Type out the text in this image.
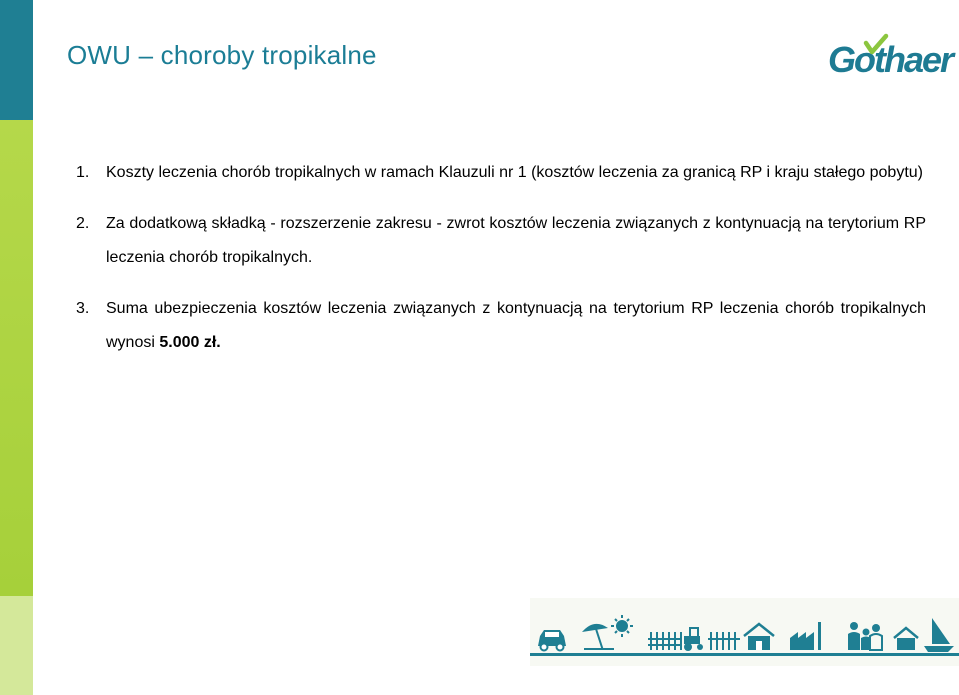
OWU – choroby tropikalne	Gothaer
1. Koszty leczenia chorób tropikalnych w ramach Klauzuli nr 1 (kosztów leczenia za granicą RP i kraju stałego pobytu)
2. Za dodatkową składką - rozszerzenie zakresu - zwrot kosztów leczenia związanych z kontynuacją na terytorium RP leczenia chorób tropikalnych.
3. Suma ubezpieczenia kosztów leczenia związanych z kontynuacją na terytorium RP leczenia chorób tropikalnych wynosi 5.000 zł.
